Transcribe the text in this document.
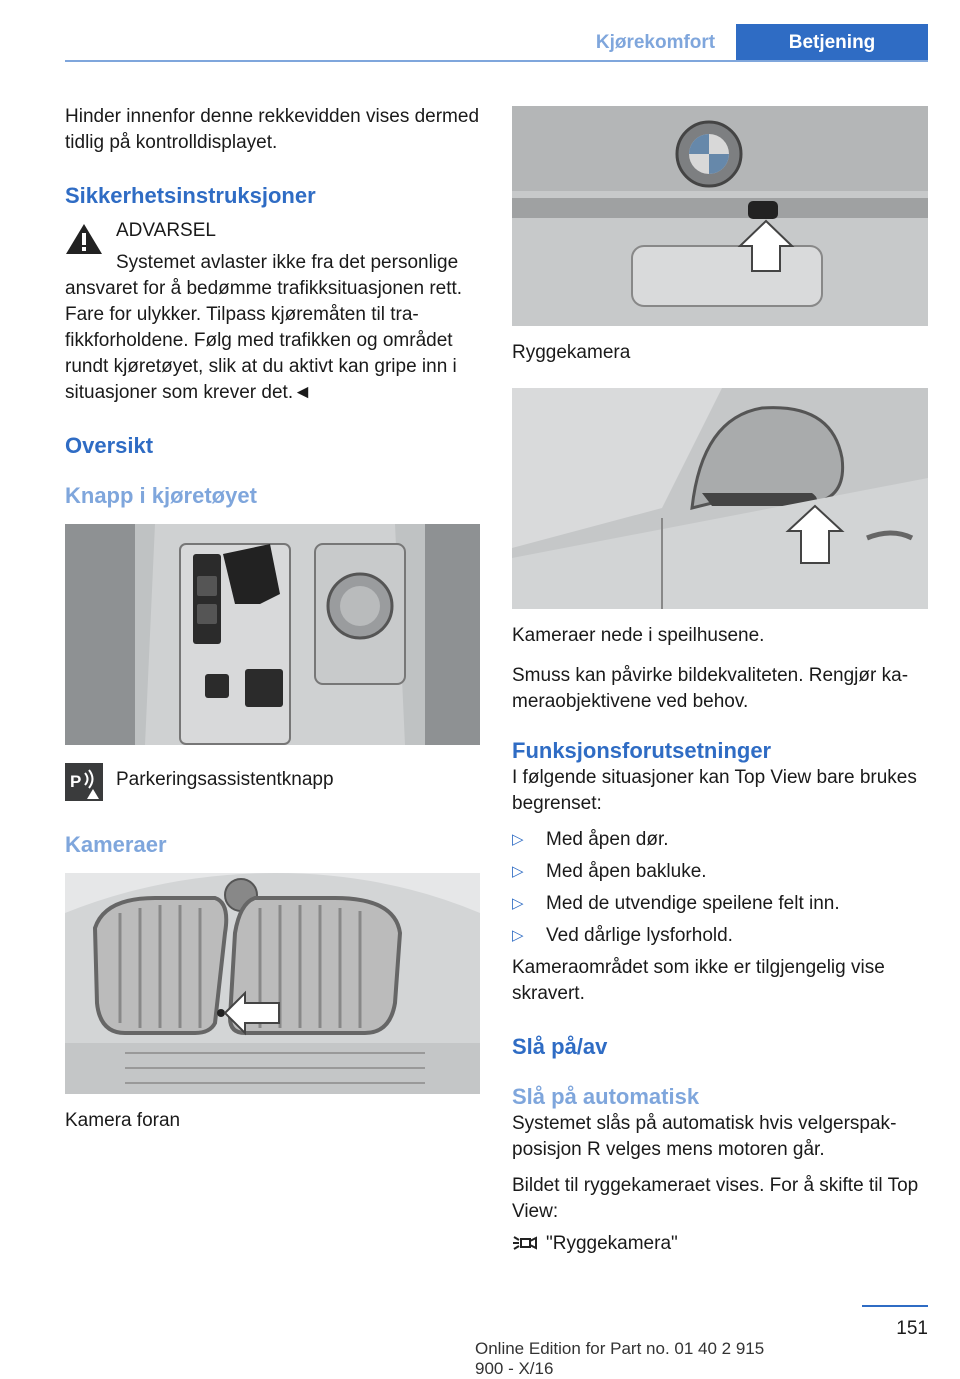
Kjørekomfort	Betjening

Hinder innenfor denne rekkevidden vises dermed tidlig på kontrolldisplayet.

Sikkerhetsinstruksjoner

ADVARSEL

Systemet avlaster ikke fra det personlige

ansvaret for å bedømme trafikksituasjonen rett. Fare for ulykker. Tilpass kjøremåten til trafikkforholdene. Følg med trafikken og området rundt kjøretøyet, slik at du aktivt kan gripe inn i situasjoner som krever det.◄

Oversikt
Knapp i kjøretøyet
P Parkeringsassistentknapp

Kameraer

Kamera foran

Ryggekamera

Kameraer nede i speilhusene.

Smuss kan påvirke bildekvaliteten. Rengjør kameraobjektivene ved behov.

Funksjonsforutsetninger

I følgende situasjoner kan Top View bare brukes begrenset:

▷ Med åpen dør.
▷ Med åpen bakluke.
▷ Med de utvendige speilene felt inn.
▷ Ved dårlige lysforhold.

Kameraområdet som ikke er tilgjengelig vise skravert.

Slå på/av
Slå på automatisk

Systemet slås på automatisk hvis velgerspakposisjon R velges mens motoren går.

Bildet til ryggekameraet vises. For å skifte til Top View:

"Ryggekamera"

151
Online Edition for Part no. 01 40 2 915 900 - X/16
